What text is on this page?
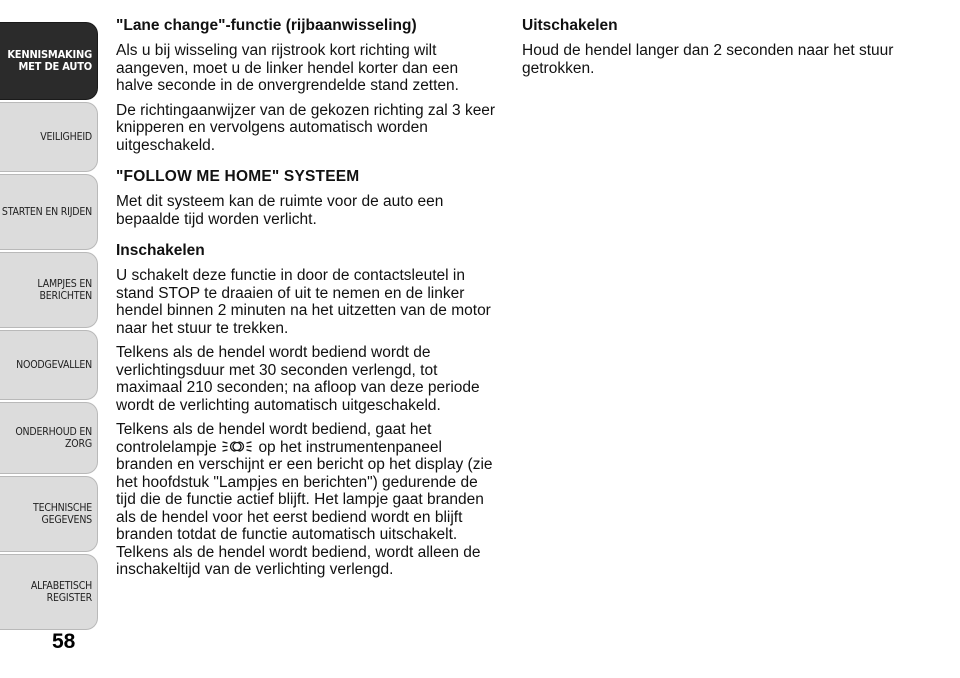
KENNISMAKING
MET DE AUTO
VEILIGHEID
STARTEN EN RIJDEN
LAMPJES EN
BERICHTEN
NOODGEVALLEN
ONDERHOUD EN
ZORG
TECHNISCHE
GEGEVENS
ALFABETISCH
REGISTER
58
"Lane change"-functie (rijbaanwisseling)

Als u bij wisseling van rijstrook kort richting wilt aangeven, moet u de linker hendel korter dan een halve seconde in de onvergrendelde stand zetten.

De richtingaanwijzer van de gekozen richting zal 3 keer knipperen en vervolgens automatisch worden uitgeschakeld.

"FOLLOW ME HOME" SYSTEEM

Met dit systeem kan de ruimte voor de auto een bepaalde tijd worden verlicht.

Inschakelen

U schakelt deze functie in door de contactsleutel in stand STOP te draaien of uit te nemen en de linker hendel binnen 2 minuten na het uitzetten van de motor naar het stuur te trekken.

Telkens als de hendel wordt bediend wordt de verlichtingsduur met 30 seconden verlengd, tot maximaal 210 seconden; na afloop van deze periode wordt de verlichting automatisch uitgeschakeld.

Telkens als de hendel wordt bediend, gaat het controlelampje	op het instrumentenpaneel branden en verschijnt er een bericht op het display (zie het hoofdstuk "Lampjes en berichten") gedurende de tijd die de functie actief blijft. Het lampje gaat branden als de hendel voor het eerst bediend wordt en blijft branden totdat de functie automatisch uitschakelt. Telkens als de hendel wordt bediend, wordt alleen de inschakeltijd van de verlichting verlengd.

Uitschakelen

Houd de hendel langer dan 2 seconden naar het stuur getrokken.
